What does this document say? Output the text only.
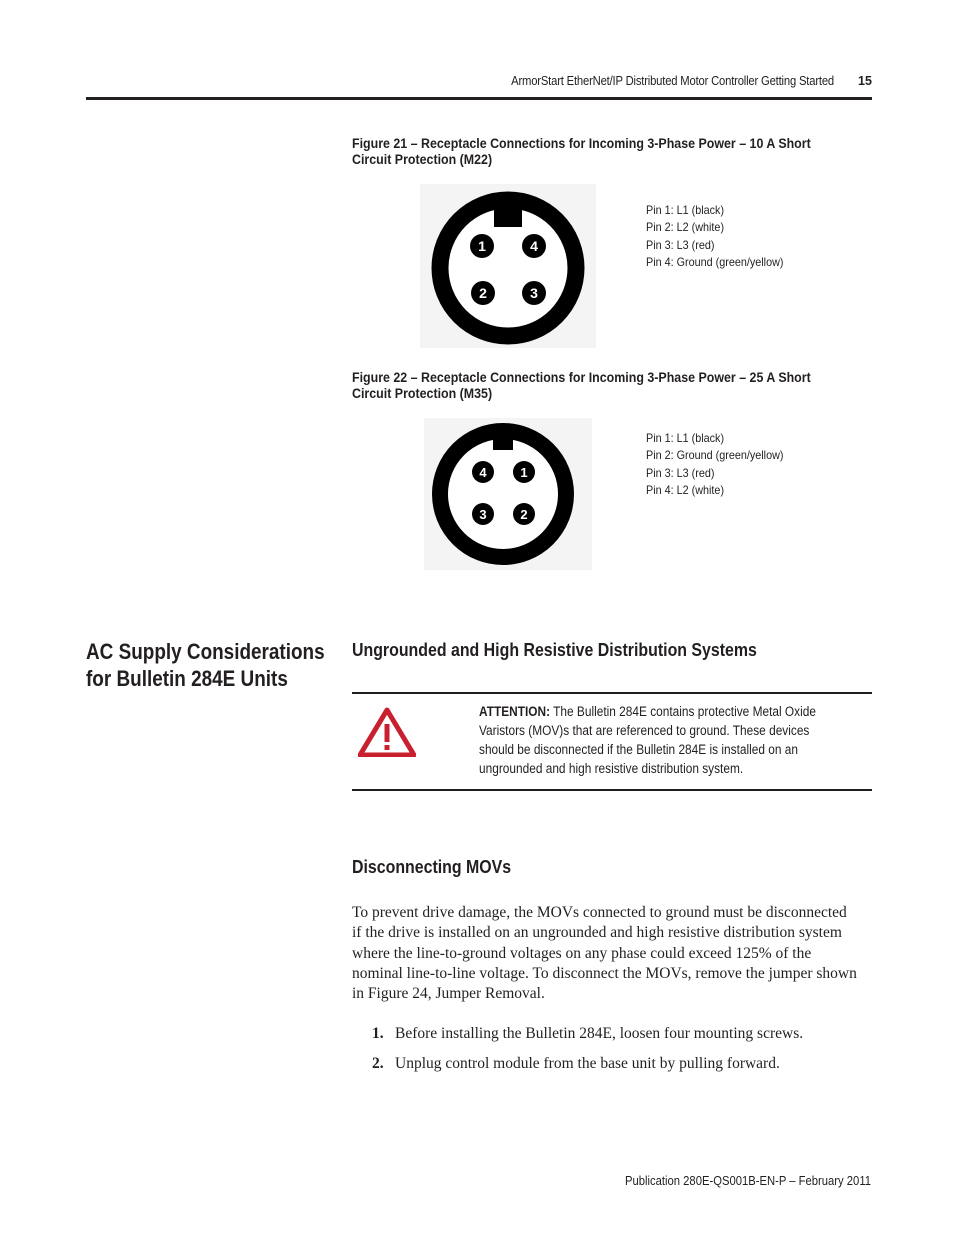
ArmorStart EtherNet/IP Distributed Motor Controller Getting Started 15
Figure 21 – Receptacle Connections for Incoming 3-Phase Power – 10 A Short
Circuit Protection (M22)
1	4
2	3
Pin 1: L1 (black)
Pin 2: L2 (white)
Pin 3: L3 (red)
Pin 4: Ground (green/yellow)
Figure 22 – Receptacle Connections for Incoming 3-Phase Power – 25 A Short
Circuit Protection (M35)
4	1
3	2
Pin 1: L1 (black)
Pin 2: Ground (green/yellow)
Pin 3: L3 (red)
Pin 4: L2 (white)
AC Supply Considerations
for Bulletin 284E Units
Ungrounded and High Resistive Distribution Systems
ATTENTION: The Bulletin 284E contains protective Metal Oxide
Varistors (MOV)s that are referenced to ground. These devices
should be disconnected if the Bulletin 284E is installed on an
ungrounded and high resistive distribution system.
Disconnecting MOVs
To prevent drive damage, the MOVs connected to ground must be disconnected
if the drive is installed on an ungrounded and high resistive distribution system
where the line-to-ground voltages on any phase could exceed 125% of the
nominal line-to-line voltage. To disconnect the MOVs, remove the jumper shown
in Figure 24, Jumper Removal.
1. Before installing the Bulletin 284E, loosen four mounting screws.
2. Unplug control module from the base unit by pulling forward.
Publication 280E-QS001B-EN-P – February 2011
